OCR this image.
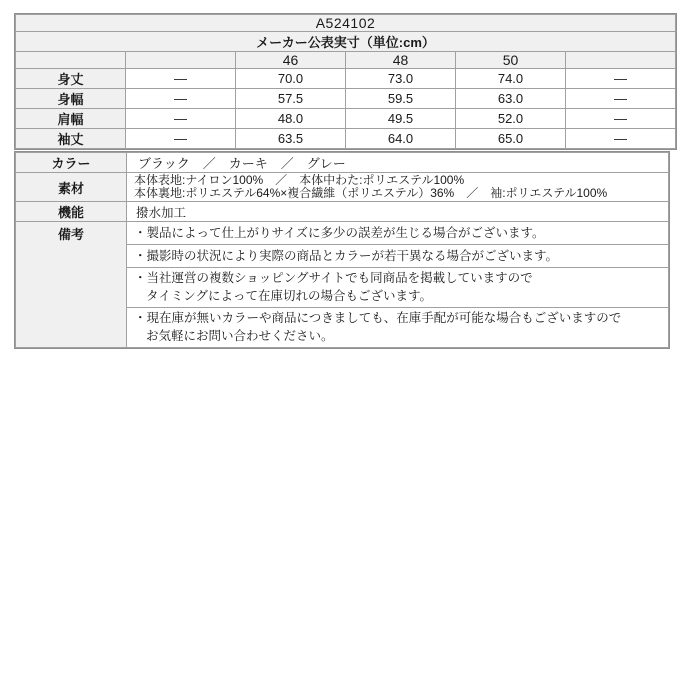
A524102					
メーカー公表実寸（単位:cm）					
		46	48	50	
身丈	―	70.0	73.0	74.0	―
身幅	―	57.5	59.5	63.0	―
肩幅	―	48.0	49.5	52.0	―
袖丈	―	63.5	64.0	65.0	―
カラー	ブラック　／　カーキ　／　グレー
素材	本体表地:ナイロン100%　／　本体中わた:ポリエステル100%
本体裏地:ポリエステル64%×複合繊維（ポリエステル）36%　／　袖:ポリエステル100%

機能	撥水加工
備考	・製品によって仕上がりサイズに多少の誤差が生じる場合がございます。
	・撮影時の状況により実際の商品とカラーが若干異なる場合がございます。

	・当社運営の複数ショッピングサイトでも同商品を掲載していますので
タイミングによって在庫切れの場合もございます。

	・現在庫が無いカラーや商品につきましても、在庫手配が可能な場合もございますので
お気軽にお問い合わせください。
